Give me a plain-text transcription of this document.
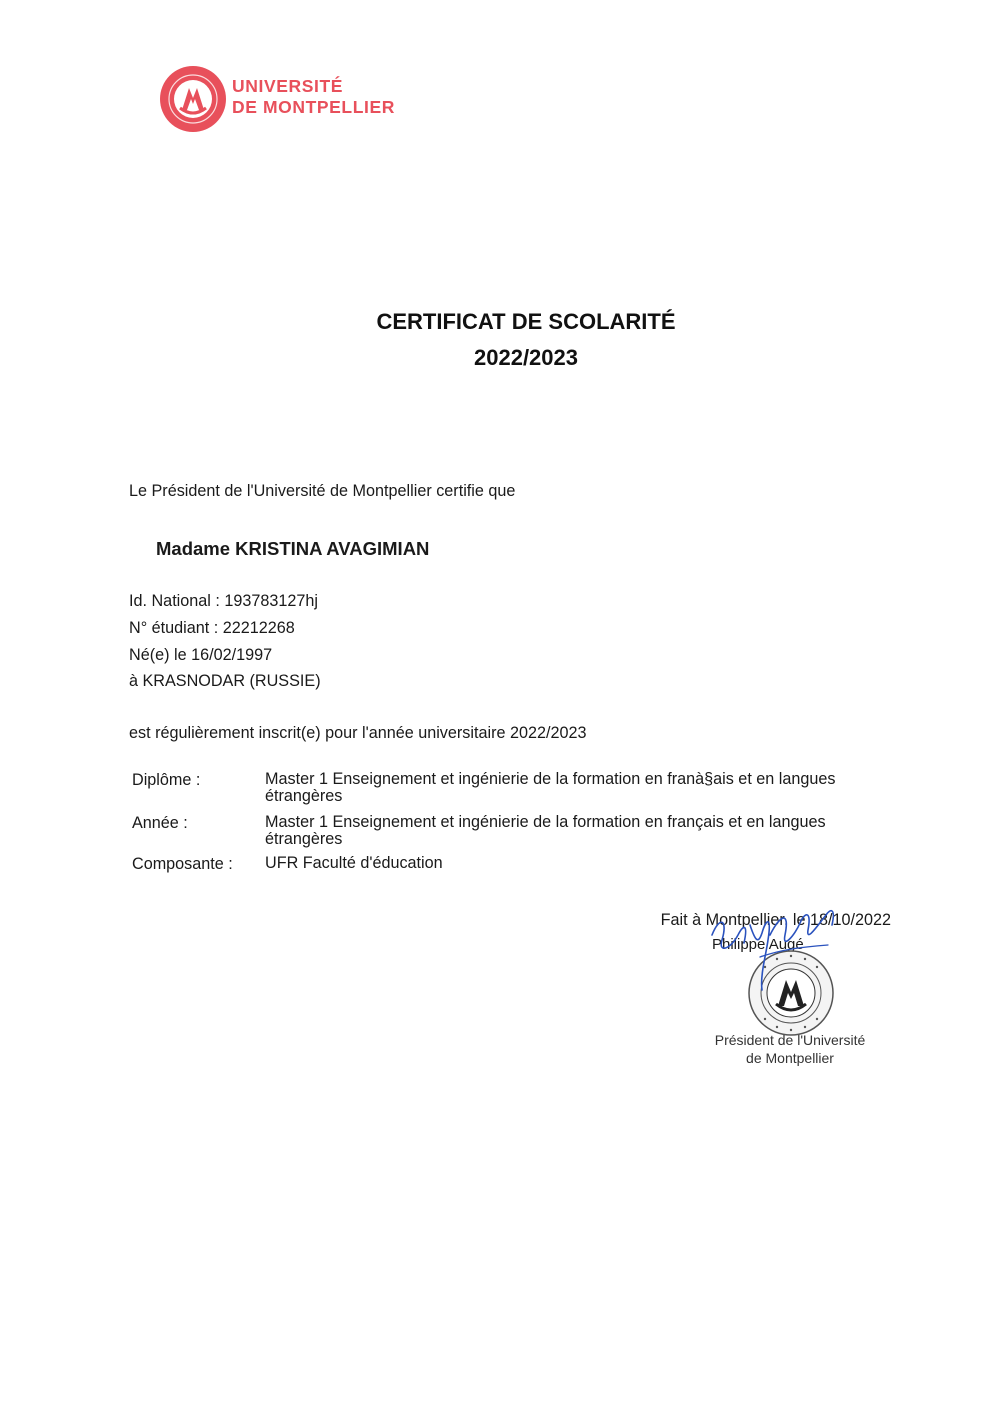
UNIVERSITÉ
DE MONTPELLIER
CERTIFICAT DE SCOLARITÉ
2022/2023
Le Président de l'Université de Montpellier certifie que
Madame KRISTINA AVAGIMIAN
Id. National : 193783127hj
N° étudiant : 22212268
Né(e) le 16/02/1997
à KRASNODAR (RUSSIE)
est régulièrement inscrit(e) pour l'année universitaire 2022/2023
Diplôme :	Master 1 Enseignement et ingénierie de la formation en franà§ais et en langues étrangères
Année :	Master 1 Enseignement et ingénierie de la formation en français et en langues étrangères
Composante : UFR Faculté d'éducation
Fait à Montpellier, le 18/10/2022
Philippe Augé
Président de l'Université
de Montpellier
